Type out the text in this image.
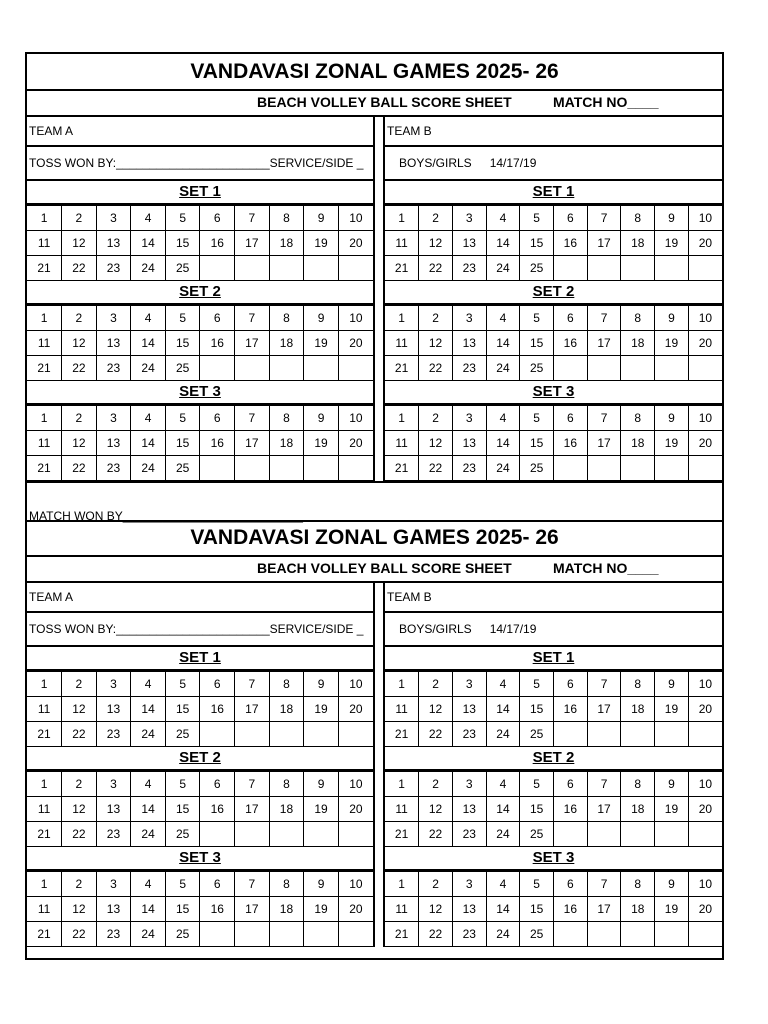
VANDAVASI ZONAL GAMES 2025- 26
BEACH VOLLEY BALL SCORE SHEET	MATCH NO____
TEAM A
TOSS WON BY:_______________________SERVICE/SIDE _
SET 1
1	2	3	4	5	6	7	8	9	10
11	12	13	14	15	16	17	18	19	20
21	22	23	24	25					
SET 2
1	2	3	4	5	6	7	8	9	10
11	12	13	14	15	16	17	18	19	20
21	22	23	24	25					
SET 3
1	2	3	4	5	6	7	8	9	10
11	12	13	14	15	16	17	18	19	20
21	22	23	24	25					
TEAM B
BOYS/GIRLS	14/17/19
SET 1
1	2	3	4	5	6	7	8	9	10
11	12	13	14	15	16	17	18	19	20
21	22	23	24	25					
SET 2
1	2	3	4	5	6	7	8	9	10
11	12	13	14	15	16	17	18	19	20
21	22	23	24	25					
SET 3
1	2	3	4	5	6	7	8	9	10
11	12	13	14	15	16	17	18	19	20
21	22	23	24	25					
MATCH WON BY___________________________
VANDAVASI ZONAL GAMES 2025- 26
BEACH VOLLEY BALL SCORE SHEET	MATCH NO____
TEAM A
TOSS WON BY:_______________________SERVICE/SIDE _
SET 1
1	2	3	4	5	6	7	8	9	10
11	12	13	14	15	16	17	18	19	20
21	22	23	24	25					
SET 2
1	2	3	4	5	6	7	8	9	10
11	12	13	14	15	16	17	18	19	20
21	22	23	24	25					
SET 3
1	2	3	4	5	6	7	8	9	10
11	12	13	14	15	16	17	18	19	20
21	22	23	24	25					
TEAM B
BOYS/GIRLS	14/17/19
SET 1
1	2	3	4	5	6	7	8	9	10
11	12	13	14	15	16	17	18	19	20
21	22	23	24	25					
SET 2
1	2	3	4	5	6	7	8	9	10
11	12	13	14	15	16	17	18	19	20
21	22	23	24	25					
SET 3
1	2	3	4	5	6	7	8	9	10
11	12	13	14	15	16	17	18	19	20
21	22	23	24	25					
